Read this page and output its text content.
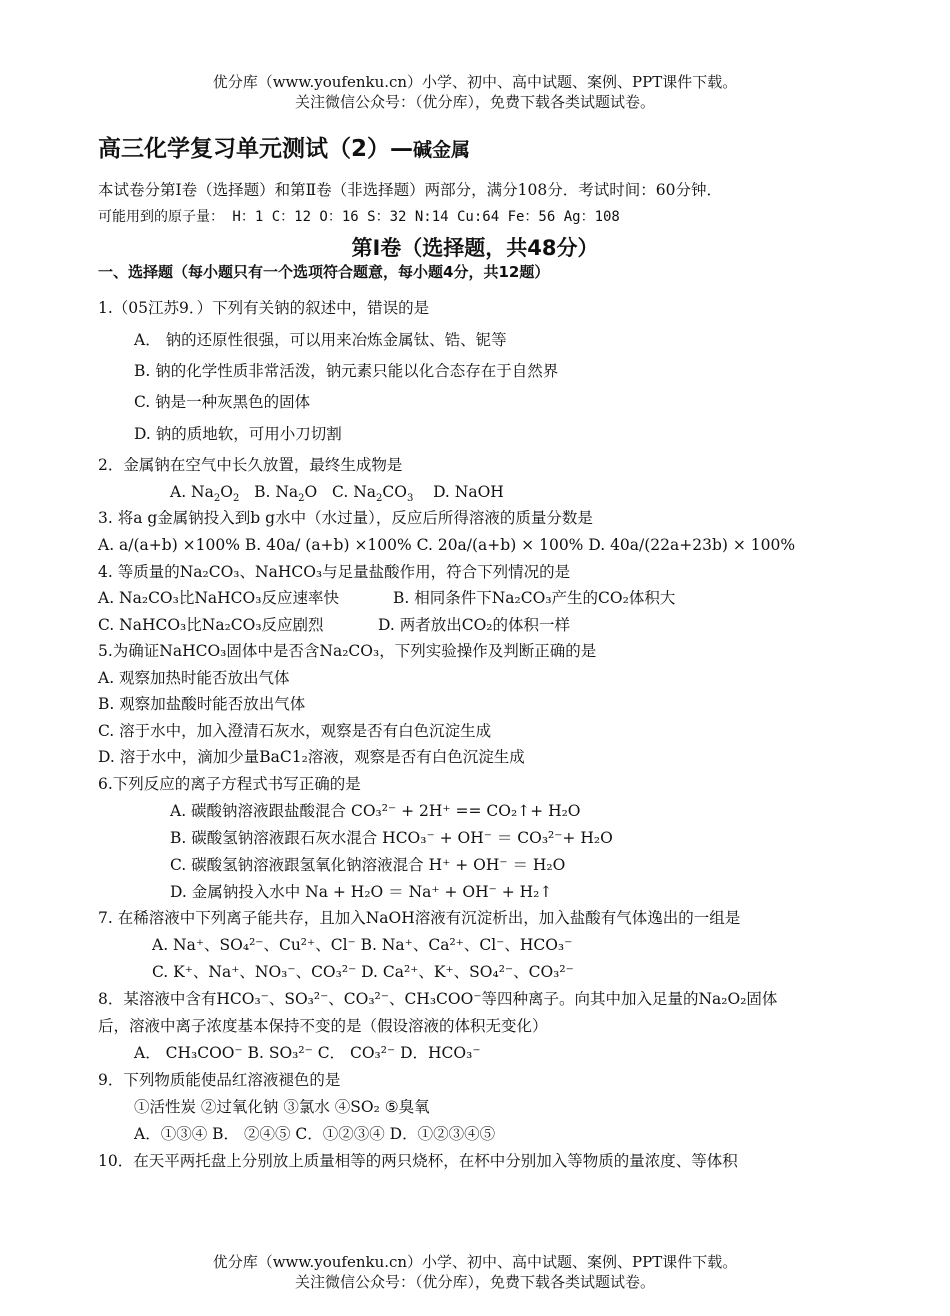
优分库（www.youfenku.cn）小学、初中、高中试题、案例、PPT课件下载。
关注微信公众号：（优分库），免费下载各类试题试卷。
高三化学复习单元测试（2）—碱金属
本试卷分第Ⅰ卷（选择题）和第Ⅱ卷（非选择题）两部分，满分108分．考试时间：60分钟．
可能用到的原子量： H：1 C：12 O：16 S：32 N:14 Cu:64 Fe：56 Ag：108
第Ⅰ卷（选择题，共48分）
一、选择题（每小题只有一个选项符合题意，每小题4分，共12题）
1.（05江苏9．）下列有关钠的叙述中，错误的是
A． 钠的还原性很强，可以用来冶炼金属钛、锆、铌等
B. 钠的化学性质非常活泼，钠元素只能以化合态存在于自然界
C. 钠是一种灰黑色的固体
D. 钠的质地软，可用小刀切割
2．金属钠在空气中长久放置，最终生成物是
A. $Na_2O_2$ B. $Na_2O$ C. $Na_2CO_3$ D. NaOH
3. 将a g金属钠投入到b g水中（水过量），反应后所得溶液的质量分数是
A. a/(a+b) ×100% B. 40a/ (a+b) ×100% C. 20a/(a+b) × 100% D. 40a/(22a+23b) × 100%
4. 等质量的Na₂CO₃、NaHCO₃与足量盐酸作用，符合下列情况的是
A. Na₂CO₃比NaHCO₃反应速率快	B. 相同条件下Na₂CO₃产生的CO₂体积大
C. NaHCO₃比Na₂CO₃反应剧烈	D. 两者放出CO₂的体积一样
5.为确证NaHCO₃固体中是否含Na₂CO₃，下列实验操作及判断正确的是
A. 观察加热时能否放出气体
B. 观察加盐酸时能否放出气体
C. 溶于水中，加入澄清石灰水，观察是否有白色沉淀生成
D. 溶于水中，滴加少量BaC1₂溶液，观察是否有白色沉淀生成
6.下列反应的离子方程式书写正确的是
A. 碳酸钠溶液跟盐酸混合 CO₃²⁻ + 2H⁺ == CO₂↑+ H₂O
B. 碳酸氢钠溶液跟石灰水混合 HCO₃⁻ + OH⁻ ＝ CO₃²⁻+ H₂O
C. 碳酸氢钠溶液跟氢氧化钠溶液混合 H⁺ + OH⁻ ＝ H₂O
D. 金属钠投入水中 Na + H₂O ＝ Na⁺ + OH⁻ + H₂↑
7. 在稀溶液中下列离子能共存，且加入NaOH溶液有沉淀析出，加入盐酸有气体逸出的一组是
A. Na⁺、SO₄²⁻、Cu²⁺、Cl⁻ B. Na⁺、Ca²⁺、Cl⁻、HCO₃⁻
C. K⁺、Na⁺、NO₃⁻、CO₃²⁻ D. Ca²⁺、K⁺、SO₄²⁻、CO₃²⁻
8．某溶液中含有HCO₃⁻、SO₃²⁻、CO₃²⁻、CH₃COO⁻等四种离子。向其中加入足量的Na₂O₂固体
后，溶液中离子浓度基本保持不变的是（假设溶液的体积无变化）
A． CH₃COO⁻ B. SO₃²⁻ C． CO₃²⁻ D．HCO₃⁻
9．下列物质能使品红溶液褪色的是
①活性炭 ②过氧化钠 ③氯水 ④SO₂ ⑤臭氧
A．①③④ B． ②④⑤ C．①②③④ D．①②③④⑤
10．在天平两托盘上分别放上质量相等的两只烧杯，在杯中分别加入等物质的量浓度、等体积
优分库（www.youfenku.cn）小学、初中、高中试题、案例、PPT课件下载。
关注微信公众号：（优分库），免费下载各类试题试卷。
